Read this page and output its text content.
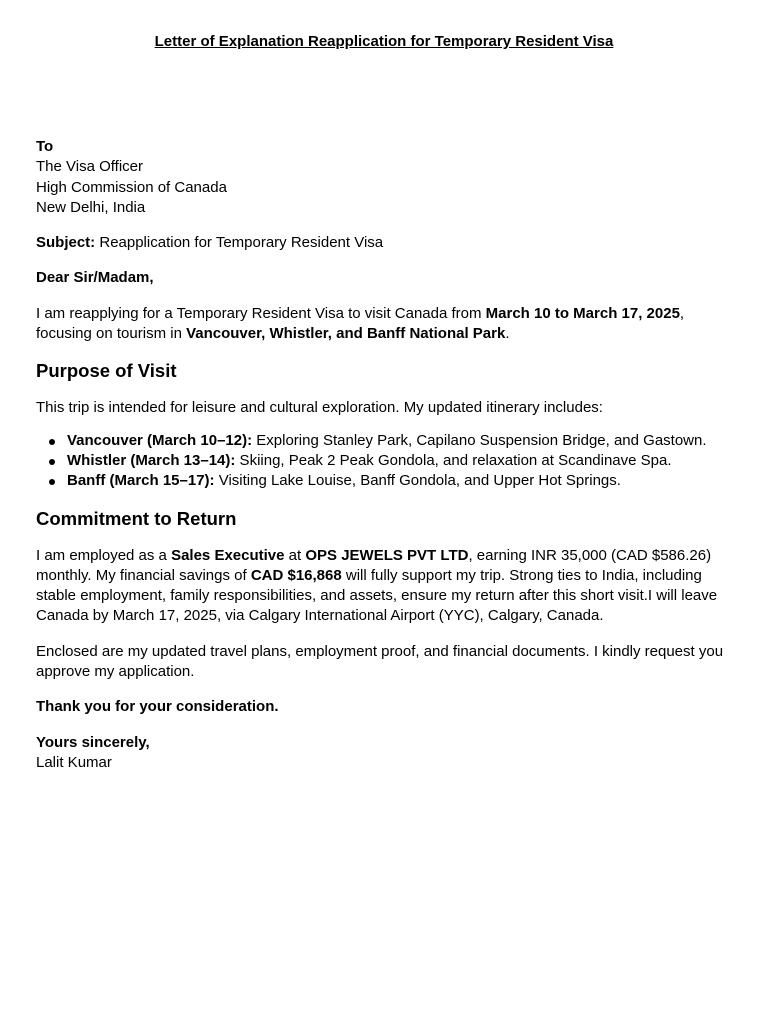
Letter of Explanation Reapplication for Temporary Resident Visa

To

The Visa Officer

High Commission of Canada

New Delhi, India

Subject: Reapplication for Temporary Resident Visa

Dear Sir/Madam,

I am reapplying for a Temporary Resident Visa to visit Canada from March 10 to March 17, 2025, focusing on tourism in Vancouver, Whistler, and Banff National Park.

Purpose of Visit

This trip is intended for leisure and cultural exploration. My updated itinerary includes:

Vancouver (March 10–12): Exploring Stanley Park, Capilano Suspension Bridge, and Gastown.
Whistler (March 13–14): Skiing, Peak 2 Peak Gondola, and relaxation at Scandinave Spa.
Banff (March 15–17): Visiting Lake Louise, Banff Gondola, and Upper Hot Springs.
Commitment to Return

I am employed as a Sales Executive at OPS JEWELS PVT LTD, earning INR 35,000 (CAD $586.26) monthly. My financial savings of CAD $16,868 will fully support my trip. Strong ties to India, including stable employment, family responsibilities, and assets, ensure my return after this short visit.I will leave Canada by March 17, 2025, via Calgary International Airport (YYC), Calgary, Canada.

Enclosed are my updated travel plans, employment proof, and financial documents. I kindly request you approve my application.

Thank you for your consideration.

Yours sincerely,

Lalit Kumar
